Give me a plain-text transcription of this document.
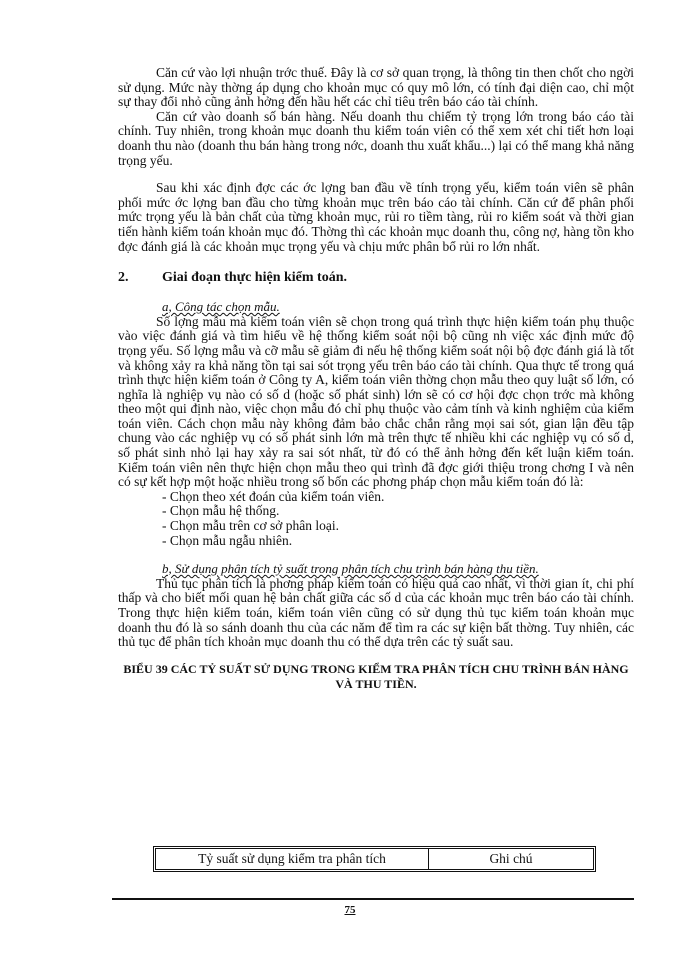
Căn cứ vào lợi nhuận trớc thuế. Đây là cơ sở quan trọng, là thông tin then chốt cho ngời sử dụng. Mức này thờng áp dụng cho khoản mục có quy mô lớn, có tính đại diện cao, chỉ một sự thay đổi nhỏ cũng ảnh hởng đến hầu hết các chỉ tiêu trên báo cáo tài chính.

Căn cứ vào doanh số bán hàng. Nếu doanh thu chiếm tỷ trọng lớn trong báo cáo tài chính. Tuy nhiên, trong khoản mục doanh thu kiểm toán viên có thể xem xét chi tiết hơn loại doanh thu nào (doanh thu bán hàng trong nớc, doanh thu xuất khẩu...) lại có thể mang khả năng trọng yếu.

Sau khi xác định đợc các ớc lợng ban đầu về tính trọng yếu, kiểm toán viên sẽ phân phối mức ớc lợng ban đầu cho từng khoản mục trên báo cáo tài chính. Căn cứ để phân phối mức trọng yếu là bản chất của từng khoản mục, rủi ro tiềm tàng, rủi ro kiểm soát và thời gian tiến hành kiểm toán khoản mục đó. Thờng thì các khoản mục doanh thu, công nợ, hàng tồn kho đợc đánh giá là các khoản mục trọng yếu và chịu mức phân bổ rủi ro lớn nhất.

2.	Giai đoạn thực hiện kiểm toán.

a, Công tác chọn mẫu.

Số lợng mẫu mà kiểm toán viên sẽ chọn trong quá trình thực hiện kiểm toán phụ thuộc vào việc đánh giá và tìm hiểu về hệ thống kiểm soát nội bộ cũng nh việc xác định mức độ trọng yếu. Số lợng mẫu và cỡ mẫu sẽ giảm đi nếu hệ thống kiểm soát nội bộ đợc đánh giá là tốt và không xảy ra khả năng tồn tại sai sót trọng yếu trên báo cáo tài chính. Qua thực tế trong quá trình thực hiện kiểm toán ở Công ty A, kiểm toán viên thờng chọn mẫu theo quy luật số lớn, có nghĩa là nghiệp vụ nào có số d (hoặc số phát sinh) lớn sẽ có cơ hội đợc chọn trớc mà không theo một qui định nào, việc chọn mẫu đó chỉ phụ thuộc vào cảm tính và kinh nghiệm của kiểm toán viên. Cách chọn mẫu này không đảm bảo chắc chắn rằng mọi sai sót, gian lận đều tập chung vào các nghiệp vụ có số phát sinh lớn mà trên thực tế nhiều khi các nghiệp vụ có số d, số phát sinh nhỏ lại hay xảy ra sai sót nhất, từ đó có thể ảnh hởng đến kết luận kiểm toán. Kiểm toán viên nên thực hiện chọn mẫu theo qui trình đã đợc giới thiệu trong chơng I và nên có sự kết hợp một hoặc nhiều trong số bốn các phơng pháp chọn mẫu kiểm toán đó là:

- Chọn theo xét đoán của kiểm toán viên.

- Chọn mẫu hệ thống.

- Chọn mẫu trên cơ sở phân loại.

- Chọn mẫu ngẫu nhiên.

b, Sử dụng phân tích tỷ suất trong phân tích chu trình bán hàng thu tiền.

Thủ tục phân tích là phơng pháp kiểm toán có hiệu quả cao nhất, vì thời gian ít, chi phí thấp và cho biết mối quan hệ bản chất giữa các số d của các khoản mục trên báo cáo tài chính. Trong thực hiện kiểm toán, kiểm toán viên cũng có sử dụng thủ tục kiểm toán khoản mục doanh thu đó là so sánh doanh thu của các năm để tìm ra các sự kiện bất thờng. Tuy nhiên, các thủ tục để phân tích khoản mục doanh thu có thể dựa trên các tỷ suất sau.

BIỂU 39 CÁC TỶ SUẤT SỬ DỤNG TRONG KIỂM TRA PHÂN TÍCH CHU TRÌNH BÁN HÀNG VÀ THU TIỀN.

Tỷ suất sử dụng kiểm tra phân tích	Ghi chú
75
